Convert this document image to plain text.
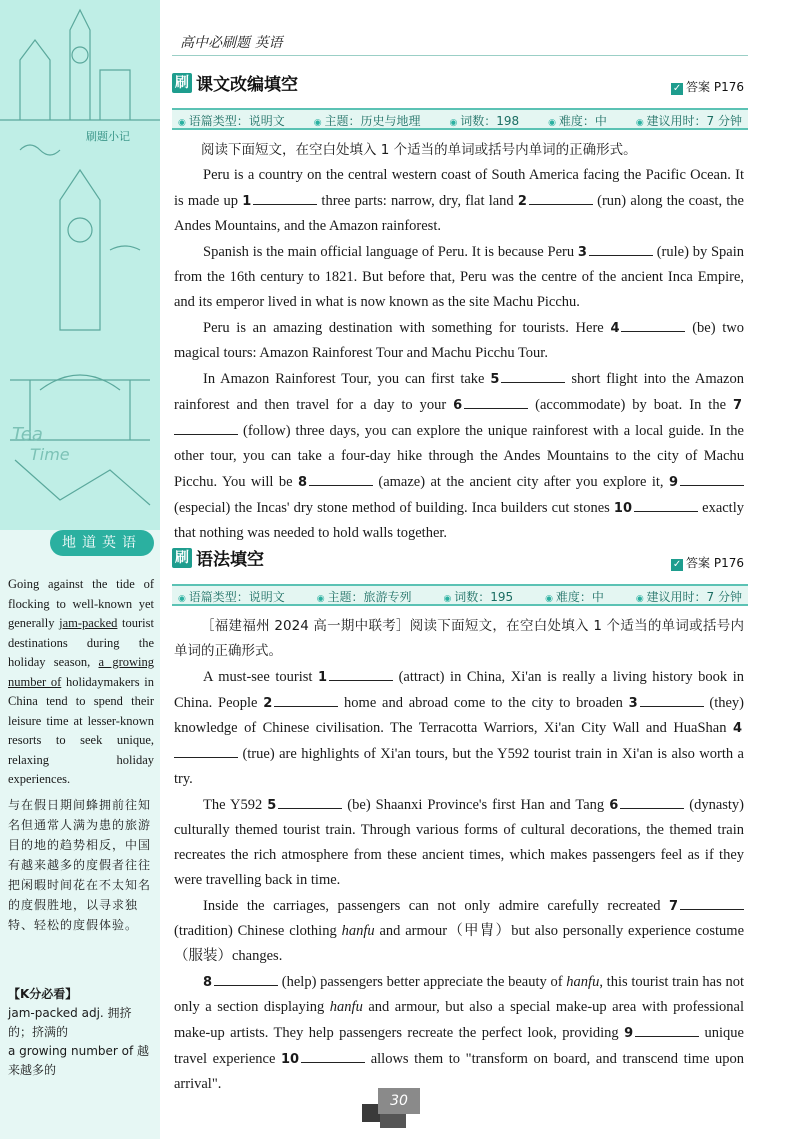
Tea
Time
刷题小记
地道英语
Going against the tide of flocking to well-known yet generally jam-packed tourist destinations during the holiday season, a growing number of holidaymakers in China tend to spend their leisure time at lesser-known resorts to seek unique, relaxing holiday experiences.
与在假日期间蜂拥前往知名但通常人满为患的旅游目的地的趋势相反，中国有越来越多的度假者往往把闲暇时间花在不太知名的度假胜地，以寻求独特、轻松的度假体验。
【K分必看】
jam-packed adj. 拥挤的；挤满的
a growing number of 越来越多的
高中必刷题 英语
刷 课文改编填空	✓ 答案 P176
◉ 语篇类型：说明文	◉ 主题：历史与地理	◉ 词数：198	◉ 难度：中	◉ 建议用时：7 分钟

阅读下面短文，在空白处填入 1 个适当的单词或括号内单词的正确形式。

Peru is a country on the central western coast of South America facing the Pacific Ocean. It is made up 1	three parts: narrow, dry, flat land 2	(run) along the coast, the Andes Mountains, and the Amazon rainforest.

Spanish is the main official language of Peru. It is because Peru 3	(rule) by Spain from the 16th century to 1821. But before that, Peru was the centre of the ancient Inca Empire, and its emperor lived in what is now known as the site Machu Picchu.

Peru is an amazing destination with something for tourists. Here 4	(be) two magical tours: Amazon Rainforest Tour and Machu Picchu Tour.

In Amazon Rainforest Tour, you can first take 5	short flight into the Amazon rainforest and then travel for a day to your 6	(accommodate) by boat. In the 7 (follow) three days, you can explore the unique rainforest with a local guide. In the other tour, you can take a four-day hike through the Andes Mountains to the city of Machu Picchu. You will be 8	(amaze) at the ancient city after you explore it, 9 (especial) the Incas' dry stone method of building. Inca builders cut stones 10	exactly that nothing was needed to hold walls together.

刷 语法填空	✓ 答案 P176
◉ 语篇类型：说明文	◉ 主题：旅游专列	◉ 词数：195	◉ 难度：中	◉ 建议用时：7 分钟

［福建福州 2024 高一期中联考］阅读下面短文，在空白处填入 1 个适当的单词或括号内单词的正确形式。

A must-see tourist 1	(attract) in China, Xi'an is really a living history book in China. People 2	home and abroad come to the city to broaden 3	(they) knowledge of Chinese civilisation. The Terracotta Warriors, Xi'an City Wall and HuaShan 4 (true) are highlights of Xi'an tours, but the Y592 tourist train in Xi'an is also worth a try.

The Y592 5	(be) Shaanxi Province's first Han and Tang 6	(dynasty) culturally themed tourist train. Through various forms of cultural decorations, the themed train recreates the rich atmosphere from these ancient times, which makes passengers feel as if they were travelling back in time.

Inside the carriages, passengers can not only admire carefully recreated 7 (tradition) Chinese clothing hanfu and armour（甲胄）but also personally experience costume（服装）changes.

8	(help) passengers better appreciate the beauty of hanfu, this tourist train has not only a section displaying hanfu and armour, but also a special make-up area with professional make-up artists. They help passengers recreate the perfect look, providing 9	unique travel experience 10	allows them to "transform on board, and transcend time upon arrival".

30
